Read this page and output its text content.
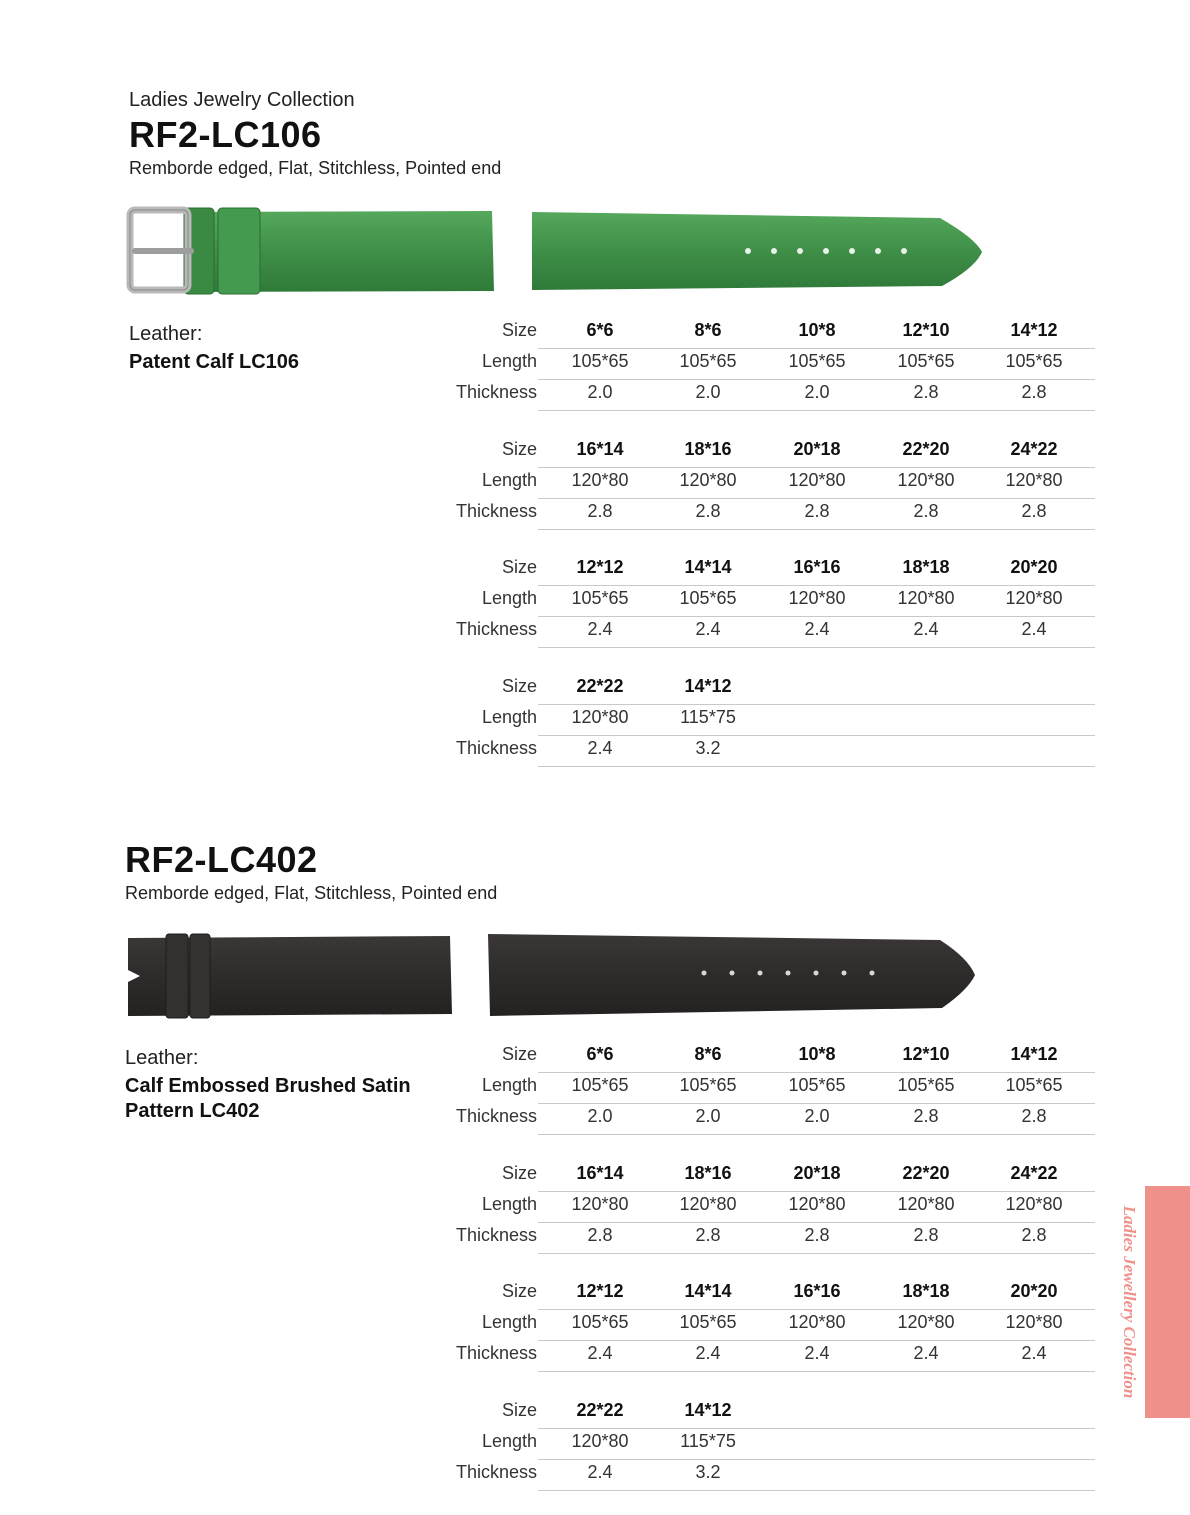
Ladies Jewelry Collection
RF2-LC106
Remborde edged, Flat, Stitchless, Pointed end
Leather:
Patent Calf LC106
Size	6*6	8*6	10*8	12*10	14*12
Length	105*65	105*65	105*65	105*65	105*65
Thickness	2.0	2.0	2.0	2.8	2.8
Size	16*14	18*16	20*18	22*20	24*22
Length	120*80	120*80	120*80	120*80	120*80
Thickness	2.8	2.8	2.8	2.8	2.8
Size	12*12	14*14	16*16	18*18	20*20
Length	105*65	105*65	120*80	120*80	120*80
Thickness	2.4	2.4	2.4	2.4	2.4
Size	22*22	14*12
Length	120*80	115*75
Thickness	2.4	3.2
RF2-LC402
Remborde edged, Flat, Stitchless, Pointed end
Leather:
Calf Embossed Brushed Satin Pattern LC402
Size	6*6	8*6	10*8	12*10	14*12
Length	105*65	105*65	105*65	105*65	105*65
Thickness	2.0	2.0	2.0	2.8	2.8
Size	16*14	18*16	20*18	22*20	24*22
Length	120*80	120*80	120*80	120*80	120*80
Thickness	2.8	2.8	2.8	2.8	2.8
Size	12*12	14*14	16*16	18*18	20*20
Length	105*65	105*65	120*80	120*80	120*80
Thickness	2.4	2.4	2.4	2.4	2.4
Size	22*22	14*12
Length	120*80	115*75
Thickness	2.4	3.2
Ladies Jewellery Collection
